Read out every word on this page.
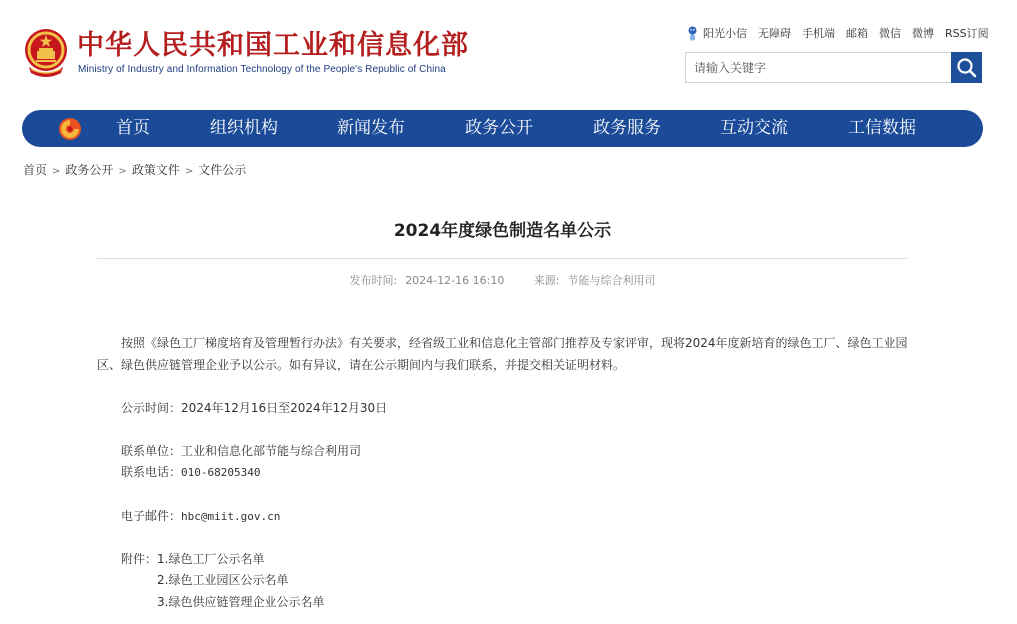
中华人民共和国工业和信息化部
Ministry of Industry and Information Technology of the People's Republic of China
阳光小信 无障碍 手机端 邮箱 微信 微博 RSS订阅
请输入关键字
首页	组织机构	新闻发布	政务公开	政务服务	互动交流	工信数据
首页 > 政务公开 > 政策文件 > 文件公示
2024年度绿色制造名单公示
发布时间: 2024-12-16 16:10	来源: 节能与综合利用司
按照《绿色工厂梯度培育及管理暂行办法》有关要求，经省级工业和信息化主管部门推荐及专家评审，现将2024年度新培育的绿色工厂、绿色工业园
区、绿色供应链管理企业予以公示。如有异议，请在公示期间内与我们联系，并提交相关证明材料。
公示时间：2024年12月16日至2024年12月30日
联系单位：工业和信息化部节能与综合利用司
联系电话：010-68205340
电子邮件：hbc@miit.gov.cn
附件： 1.绿色工厂公示名单
2.绿色工业园区公示名单
3.绿色供应链管理企业公示名单
